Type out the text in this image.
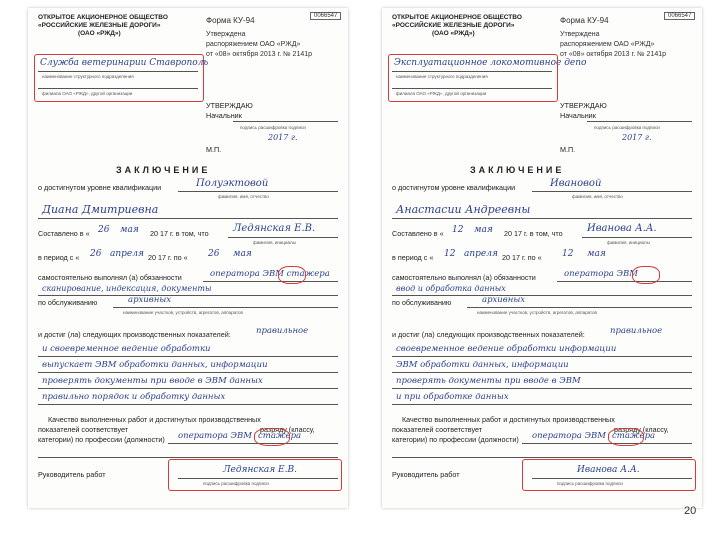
ОТКРЫТОЕ АКЦИОНЕРНОЕ ОБЩЕСТВО
«РОССИЙСКИЕ ЖЕЛЕЗНЫЕ ДОРОГИ»
(ОАО «РЖД»)
Форма КУ-94	0066547
Утверждена
распоряжением ОАО «РЖД»
от «08» октября 2013 г. № 2141р
Служба ветеринарии Ставрополь
наименование структурного подразделения
филиала ОАО «РЖД», другой организации
УТВЕРЖДАЮ
Начальник
подпись расшифровка подписи
2017 г.
М.П.
ЗАКЛЮЧЕНИЕ
о достигнутом уровне квалификации	Полуэктовой
фамилия, имя, отчество
Диана Дмитриевна
Составлено в « 26 мая 20 17 г. в том, что Ледянская Е.В.
фамилия, инициалы
в период с « 26 апреля 20 17 г. по « 26 мая
самостоятельно выполнял (а) обязанности	оператора ЭВМ стажера
сканирование, индексация, документы
по обслуживанию	архивных
наименование участков, устройств, агрегатов, аппаратов
и достиг (ла) следующих производственных показателей:	правильное
и своевременное ведение обработки
выпускает ЭВМ обработки данных, информации
проверять документы при вводе в ЭВМ данных
правильно порядок и обработку данных
Качество выполненных работ и достигнутых производственных
показателей соответствует	разряду (классу,
категории) по профессии (должности) оператора ЭВМ стажера
Руководитель работ	Ледянская Е.В.
подпись расшифровка подписи
ОТКРЫТОЕ АКЦИОНЕРНОЕ ОБЩЕСТВО
«РОССИЙСКИЕ ЖЕЛЕЗНЫЕ ДОРОГИ»
(ОАО «РЖД»)
Форма КУ-94	0066547
Утверждена
распоряжением ОАО «РЖД»
от «08» октября 2013 г. № 2141р
Эксплуатационное локомотивное депо
наименование структурного подразделения
филиала ОАО «РЖД», другой организации
УТВЕРЖДАЮ
Начальник
подпись расшифровка подписи
2017 г.
М.П.
ЗАКЛЮЧЕНИЕ
о достигнутом уровне квалификации	Ивановой
фамилия, имя, отчество
Анастасии Андреевны
Составлено в « 12 мая 20 17 г. в том, что Иванова А.А.
фамилия, инициалы
в период с « 12 апреля 20 17 г. по « 12 мая
самостоятельно выполнял (а) обязанности	оператора ЭВМ
ввод и обработка данных
по обслуживанию	архивных
наименование участков, устройств, агрегатов, аппаратов
и достиг (ла) следующих производственных показателей:	правильное
своевременное ведение обработки информации
ЭВМ обработки данных, информации
проверять документы при вводе в ЭВМ
и при обработке данных
Качество выполненных работ и достигнутых производственных
показателей соответствует	разряду (классу,
категории) по профессии (должности) оператора ЭВМ стажера
Руководитель работ	Иванова А.А.
подпись расшифровка подписи
20
